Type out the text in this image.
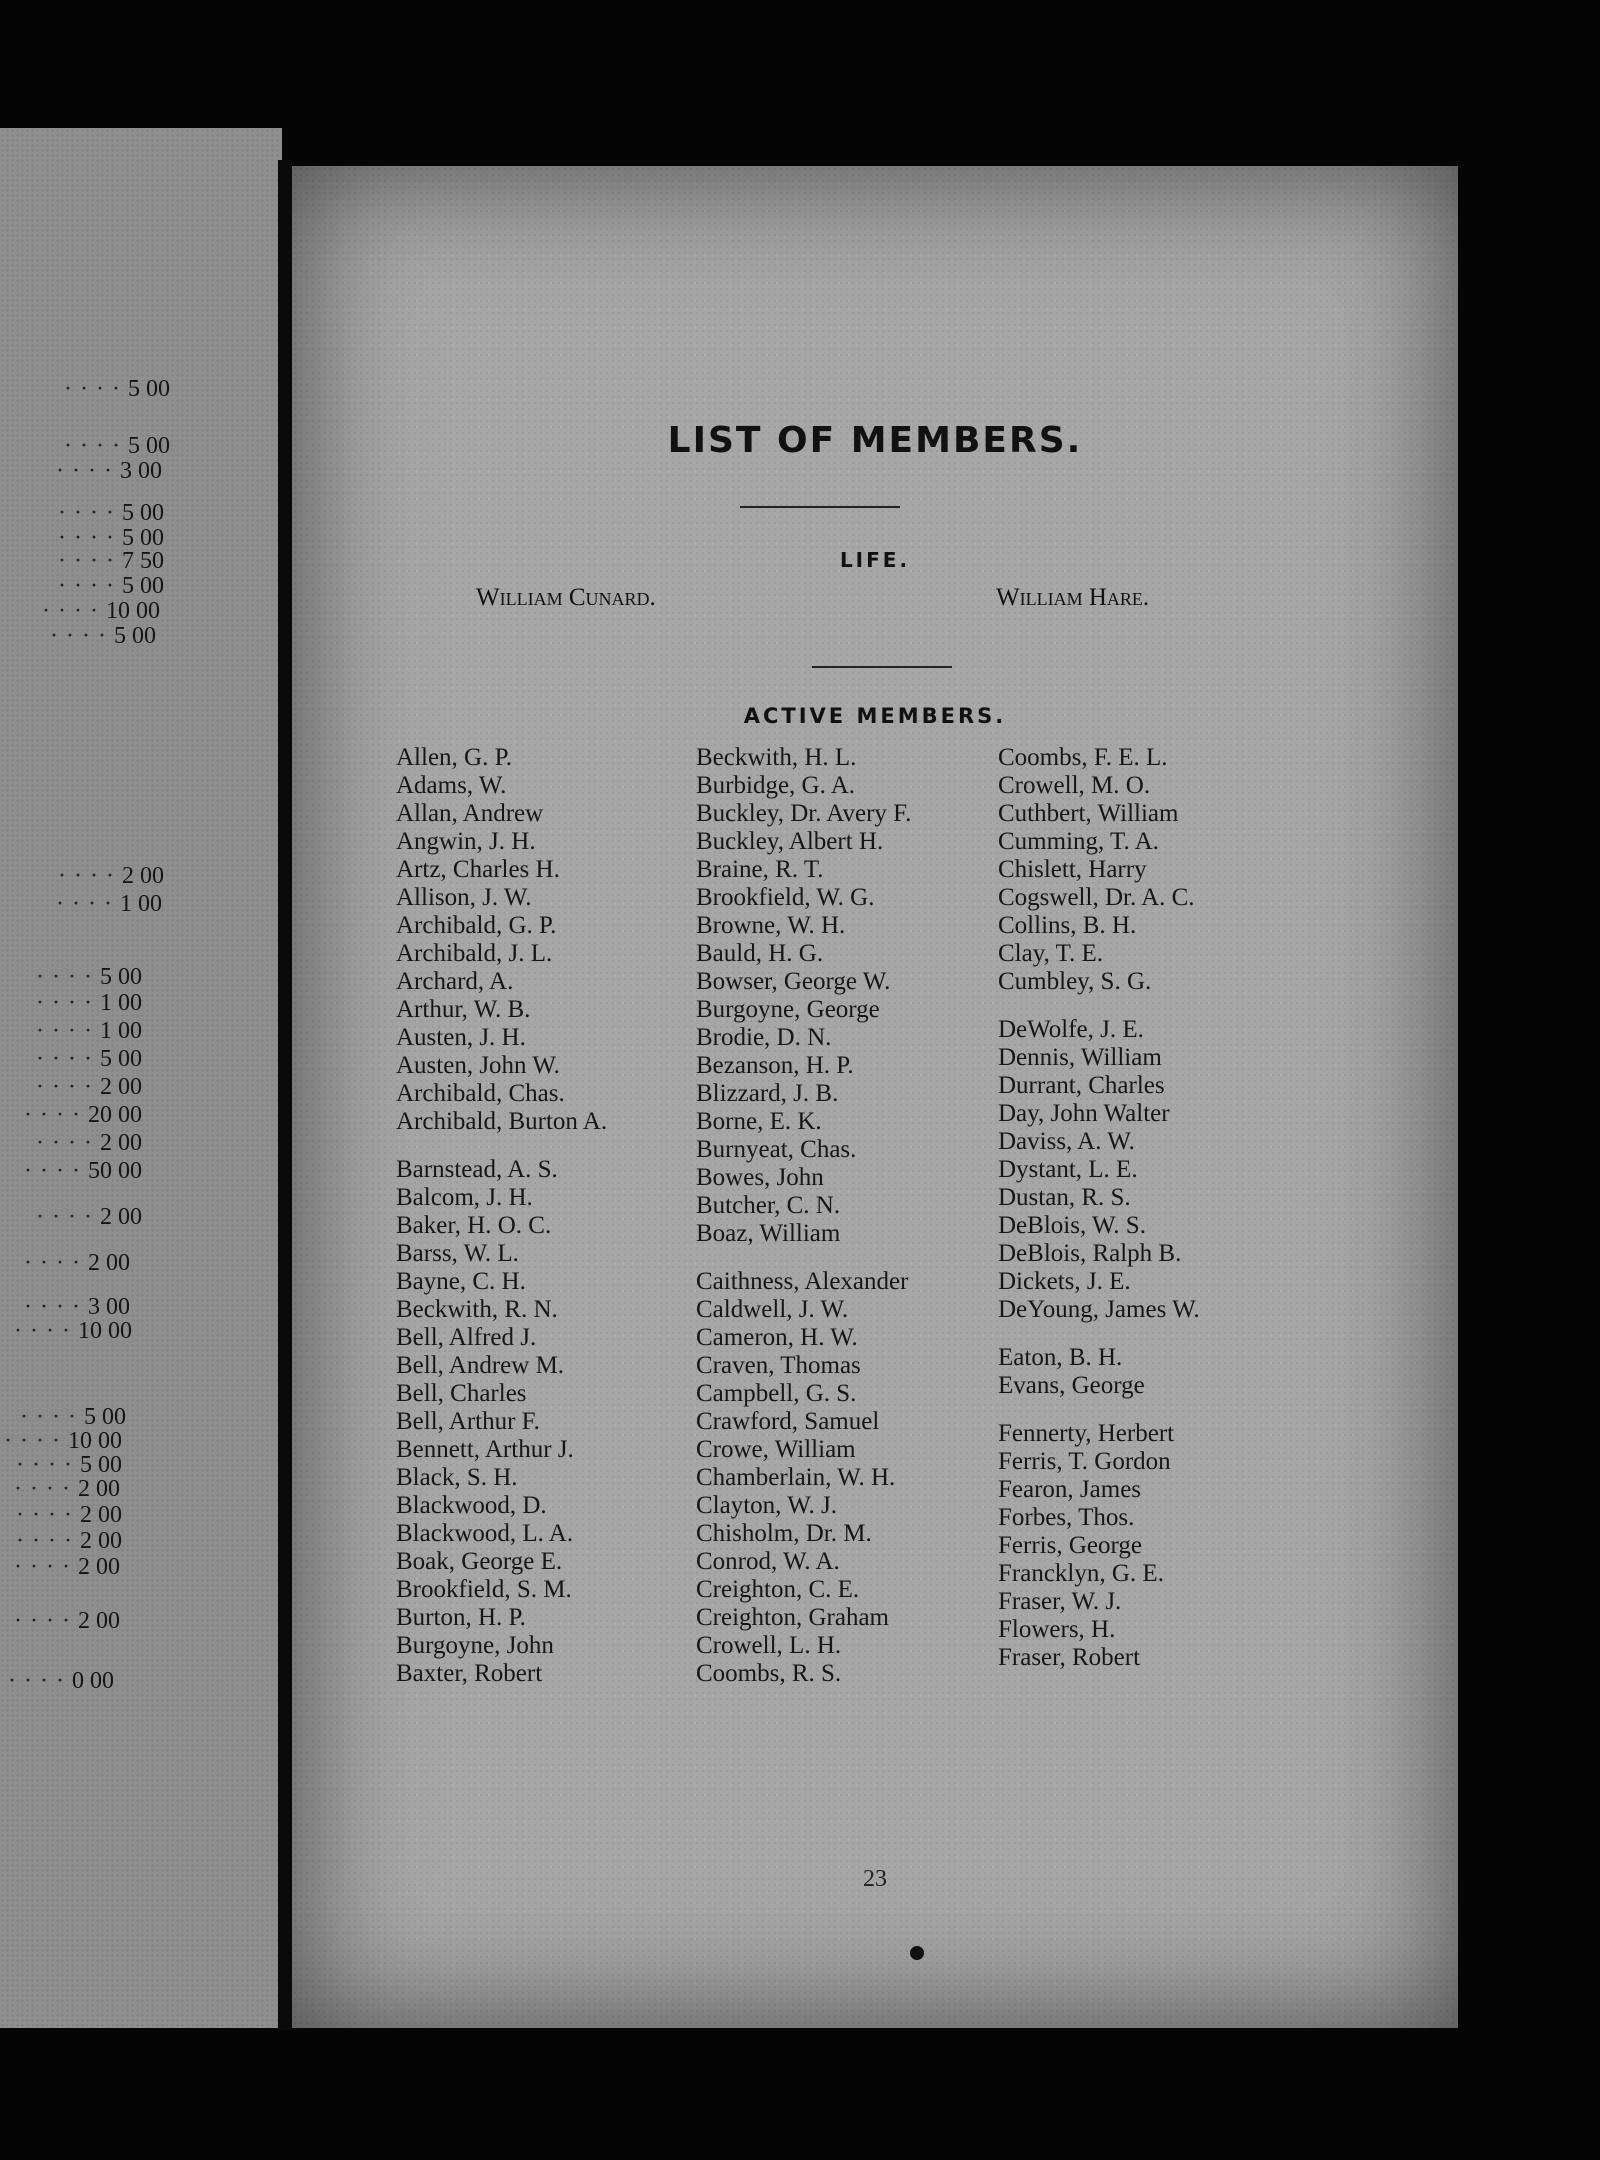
· · · · 5 00
· · · · 5 00
· · · · 3 00
· · · · 5 00
· · · · 5 00
· · · · 7 50
· · · · 5 00
· · · · 10 00
· · · · 5 00
· · · · 2 00
· · · · 1 00
· · · · 5 00
· · · · 1 00
· · · · 1 00
· · · · 5 00
· · · · 2 00
· · · · 20 00
· · · · 2 00
· · · · 50 00
· · · · 2 00
· · · · 2 00
· · · · 3 00
· · · · 10 00
· · · · 5 00
· · · · 10 00
· · · · 5 00
· · · · 2 00
· · · · 2 00
· · · · 2 00
· · · · 2 00
· · · · 2 00
· · · · 0 00
LIST OF MEMBERS.
LIFE.
William Cunard.	William Hare.
ACTIVE MEMBERS.
Allen, G. P.
Adams, W.
Allan, Andrew
Angwin, J. H.
Artz, Charles H.
Allison, J. W.
Archibald, G. P.
Archibald, J. L.
Archard, A.
Arthur, W. B.
Austen, J. H.
Austen, John W.
Archibald, Chas.
Archibald, Burton A.
Barnstead, A. S.
Balcom, J. H.
Baker, H. O. C.
Barss, W. L.
Bayne, C. H.
Beckwith, R. N.
Bell, Alfred J.
Bell, Andrew M.
Bell, Charles
Bell, Arthur F.
Bennett, Arthur J.
Black, S. H.
Blackwood, D.
Blackwood, L. A.
Boak, George E.
Brookfield, S. M.
Burton, H. P.
Burgoyne, John
Baxter, Robert
Beckwith, H. L.
Burbidge, G. A.
Buckley, Dr. Avery F.
Buckley, Albert H.
Braine, R. T.
Brookfield, W. G.
Browne, W. H.
Bauld, H. G.
Bowser, George W.
Burgoyne, George
Brodie, D. N.
Bezanson, H. P.
Blizzard, J. B.
Borne, E. K.
Burnyeat, Chas.
Bowes, John
Butcher, C. N.
Boaz, William
Caithness, Alexander
Caldwell, J. W.
Cameron, H. W.
Craven, Thomas
Campbell, G. S.
Crawford, Samuel
Crowe, William
Chamberlain, W. H.
Clayton, W. J.
Chisholm, Dr. M.
Conrod, W. A.
Creighton, C. E.
Creighton, Graham
Crowell, L. H.
Coombs, R. S.
Coombs, F. E. L.
Crowell, M. O.
Cuthbert, William
Cumming, T. A.
Chislett, Harry
Cogswell, Dr. A. C.
Collins, B. H.
Clay, T. E.
Cumbley, S. G.
DeWolfe, J. E.
Dennis, William
Durrant, Charles
Day, John Walter
Daviss, A. W.
Dystant, L. E.
Dustan, R. S.
DeBlois, W. S.
DeBlois, Ralph B.
Dickets, J. E.
DeYoung, James W.
Eaton, B. H.
Evans, George
Fennerty, Herbert
Ferris, T. Gordon
Fearon, James
Forbes, Thos.
Ferris, George
Francklyn, G. E.
Fraser, W. J.
Flowers, H.
Fraser, Robert
23
